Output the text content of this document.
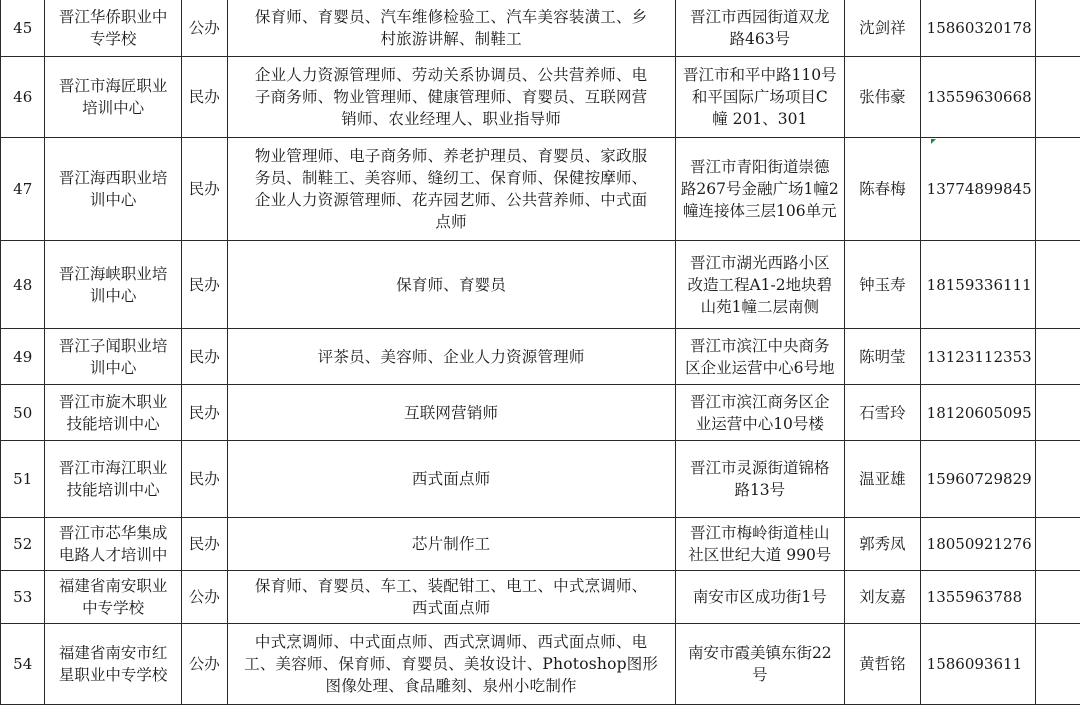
45	晋江华侨职业中
专学校	公办	保育师、育婴员、汽车维修检验工、汽车美容装潢工、乡
村旅游讲解、制鞋工	晋江市西园街道双龙
路463号	沈剑祥	15860320178	
46	晋江市海匠职业
培训中心	民办	企业人力资源管理师、劳动关系协调员、公共营养师、电
子商务师、物业管理师、健康管理师、育婴员、互联网营
销师、农业经理人、职业指导师	晋江市和平中路110号
和平国际广场项目C
幢 201、301	张伟豪	13559630668	
47	晋江海西职业培
训中心	民办	物业管理师、电子商务师、养老护理员、育婴员、家政服
务员、制鞋工、美容师、缝纫工、保育师、保健按摩师、
企业人力资源管理师、花卉园艺师、公共营养师、中式面
点师	晋江市青阳街道崇德
路267号金融广场1幢2
幢连接体三层106单元	陈春梅	13774899845	
48	晋江海峡职业培
训中心	民办	保育师、育婴员	晋江市湖光西路小区
改造工程A1-2地块碧
山苑1幢二层南侧	钟玉寿	18159336111	
49	晋江子闻职业培
训中心	民办	评茶员、美容师、企业人力资源管理师	晋江市滨江中央商务
区企业运营中心6号地	陈明莹	13123112353	
50	晋江市旋木职业
技能培训中心	民办	互联网营销师	晋江市滨江商务区企
业运营中心10号楼	石雪玲	18120605095	
51	晋江市海江职业
技能培训中心	民办	西式面点师	晋江市灵源街道锦格
路13号	温亚雄	15960729829	
52	晋江市芯华集成
电路人才培训中	民办	芯片制作工	晋江市梅岭街道桂山
社区世纪大道 990号	郭秀凤	18050921276	
53	福建省南安职业
中专学校	公办	保育师、育婴员、车工、装配钳工、电工、中式烹调师、
西式面点师	南安市区成功街1号	刘友嘉	1355963788	
54	福建省南安市红
星职业中专学校	公办	中式烹调师、中式面点师、西式烹调师、西式面点师、电
工、美容师、保育师、育婴员、美妆设计、Photoshop图形
图像处理、食品雕刻、泉州小吃制作	南安市霞美镇东街22
号	黄哲铭	1586093611	
